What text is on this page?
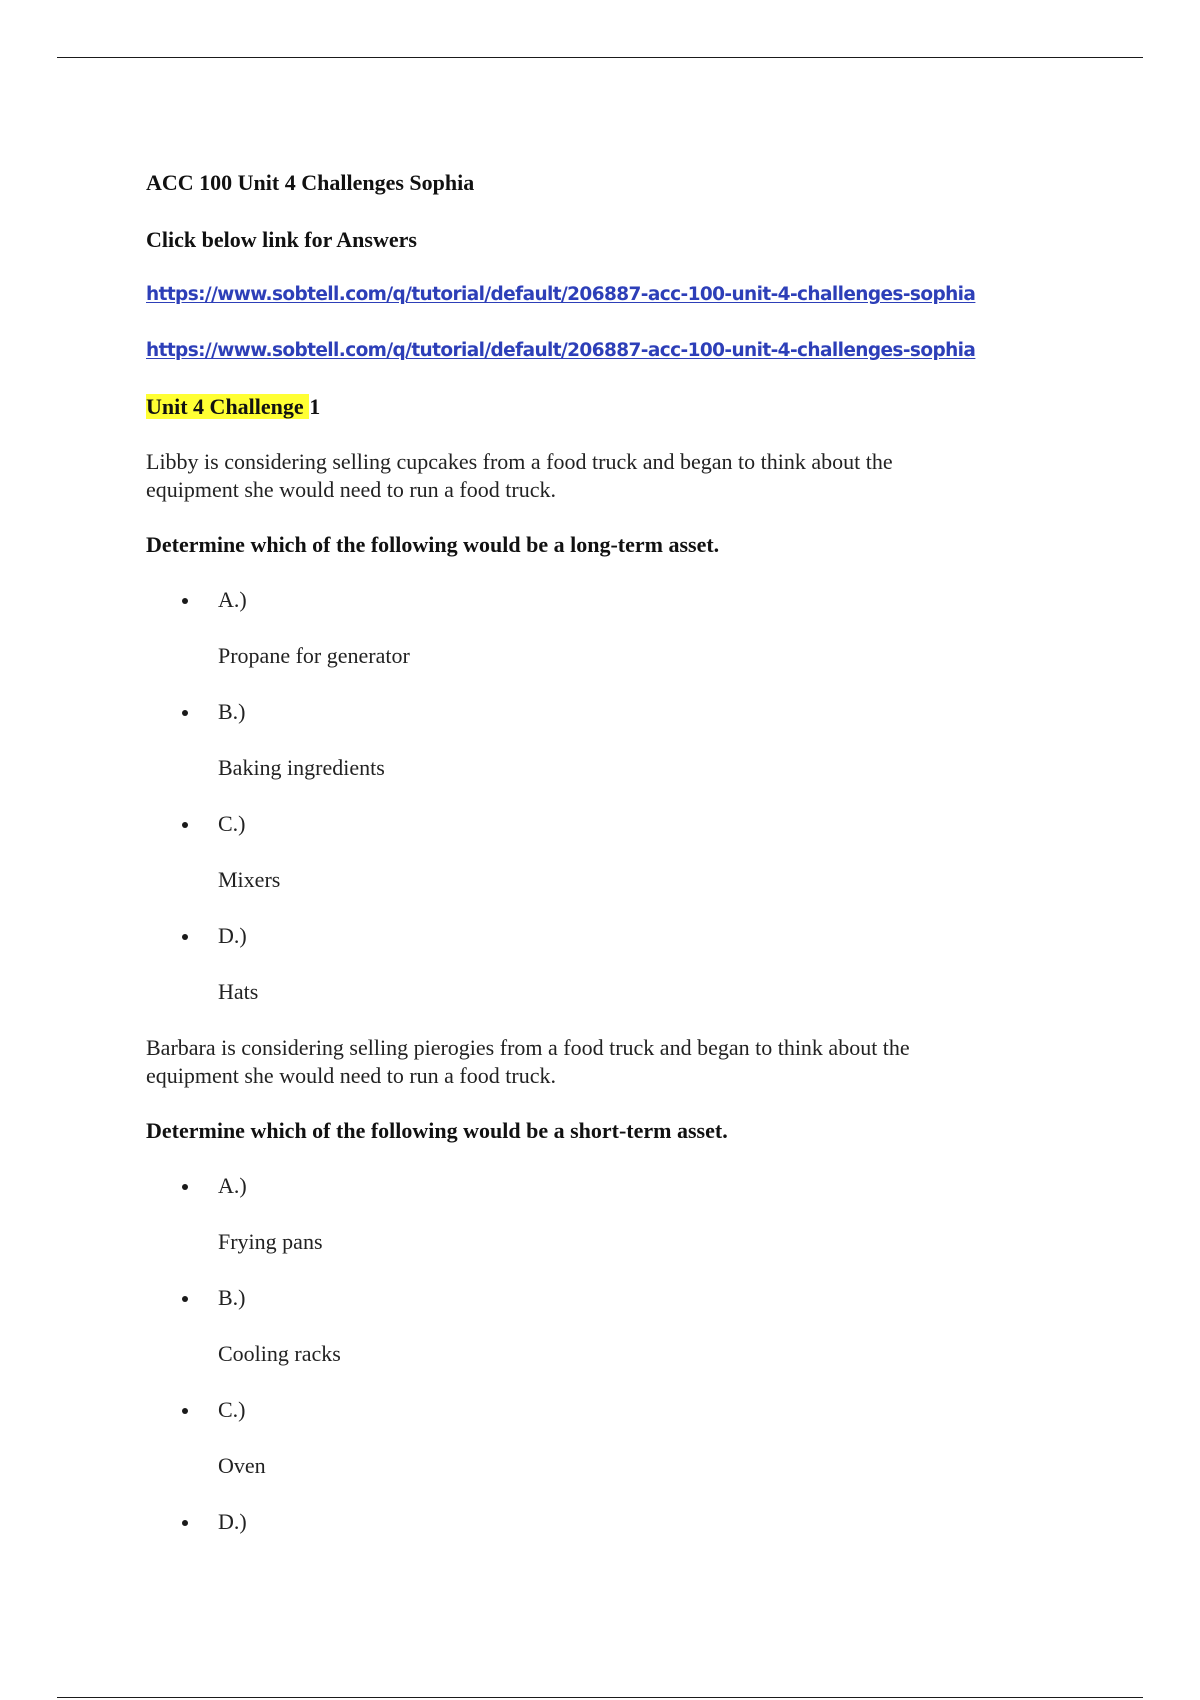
ACC 100 Unit 4 Challenges Sophia

Click below link for Answers

https://www.sobtell.com/q/tutorial/default/206887-acc-100-unit-4-challenges-sophia

https://www.sobtell.com/q/tutorial/default/206887-acc-100-unit-4-challenges-sophia

Unit 4 Challenge 1

Libby is considering selling cupcakes from a food truck and began to think about the
equipment she would need to run a food truck.

Determine which of the following would be a long-term asset.

A.)
Propane for generator
B.)
Baking ingredients
C.)
Mixers
D.)
Hats

Barbara is considering selling pierogies from a food truck and began to think about the
equipment she would need to run a food truck.

Determine which of the following would be a short-term asset.

A.)
Frying pans
B.)
Cooling racks
C.)
Oven
D.)
